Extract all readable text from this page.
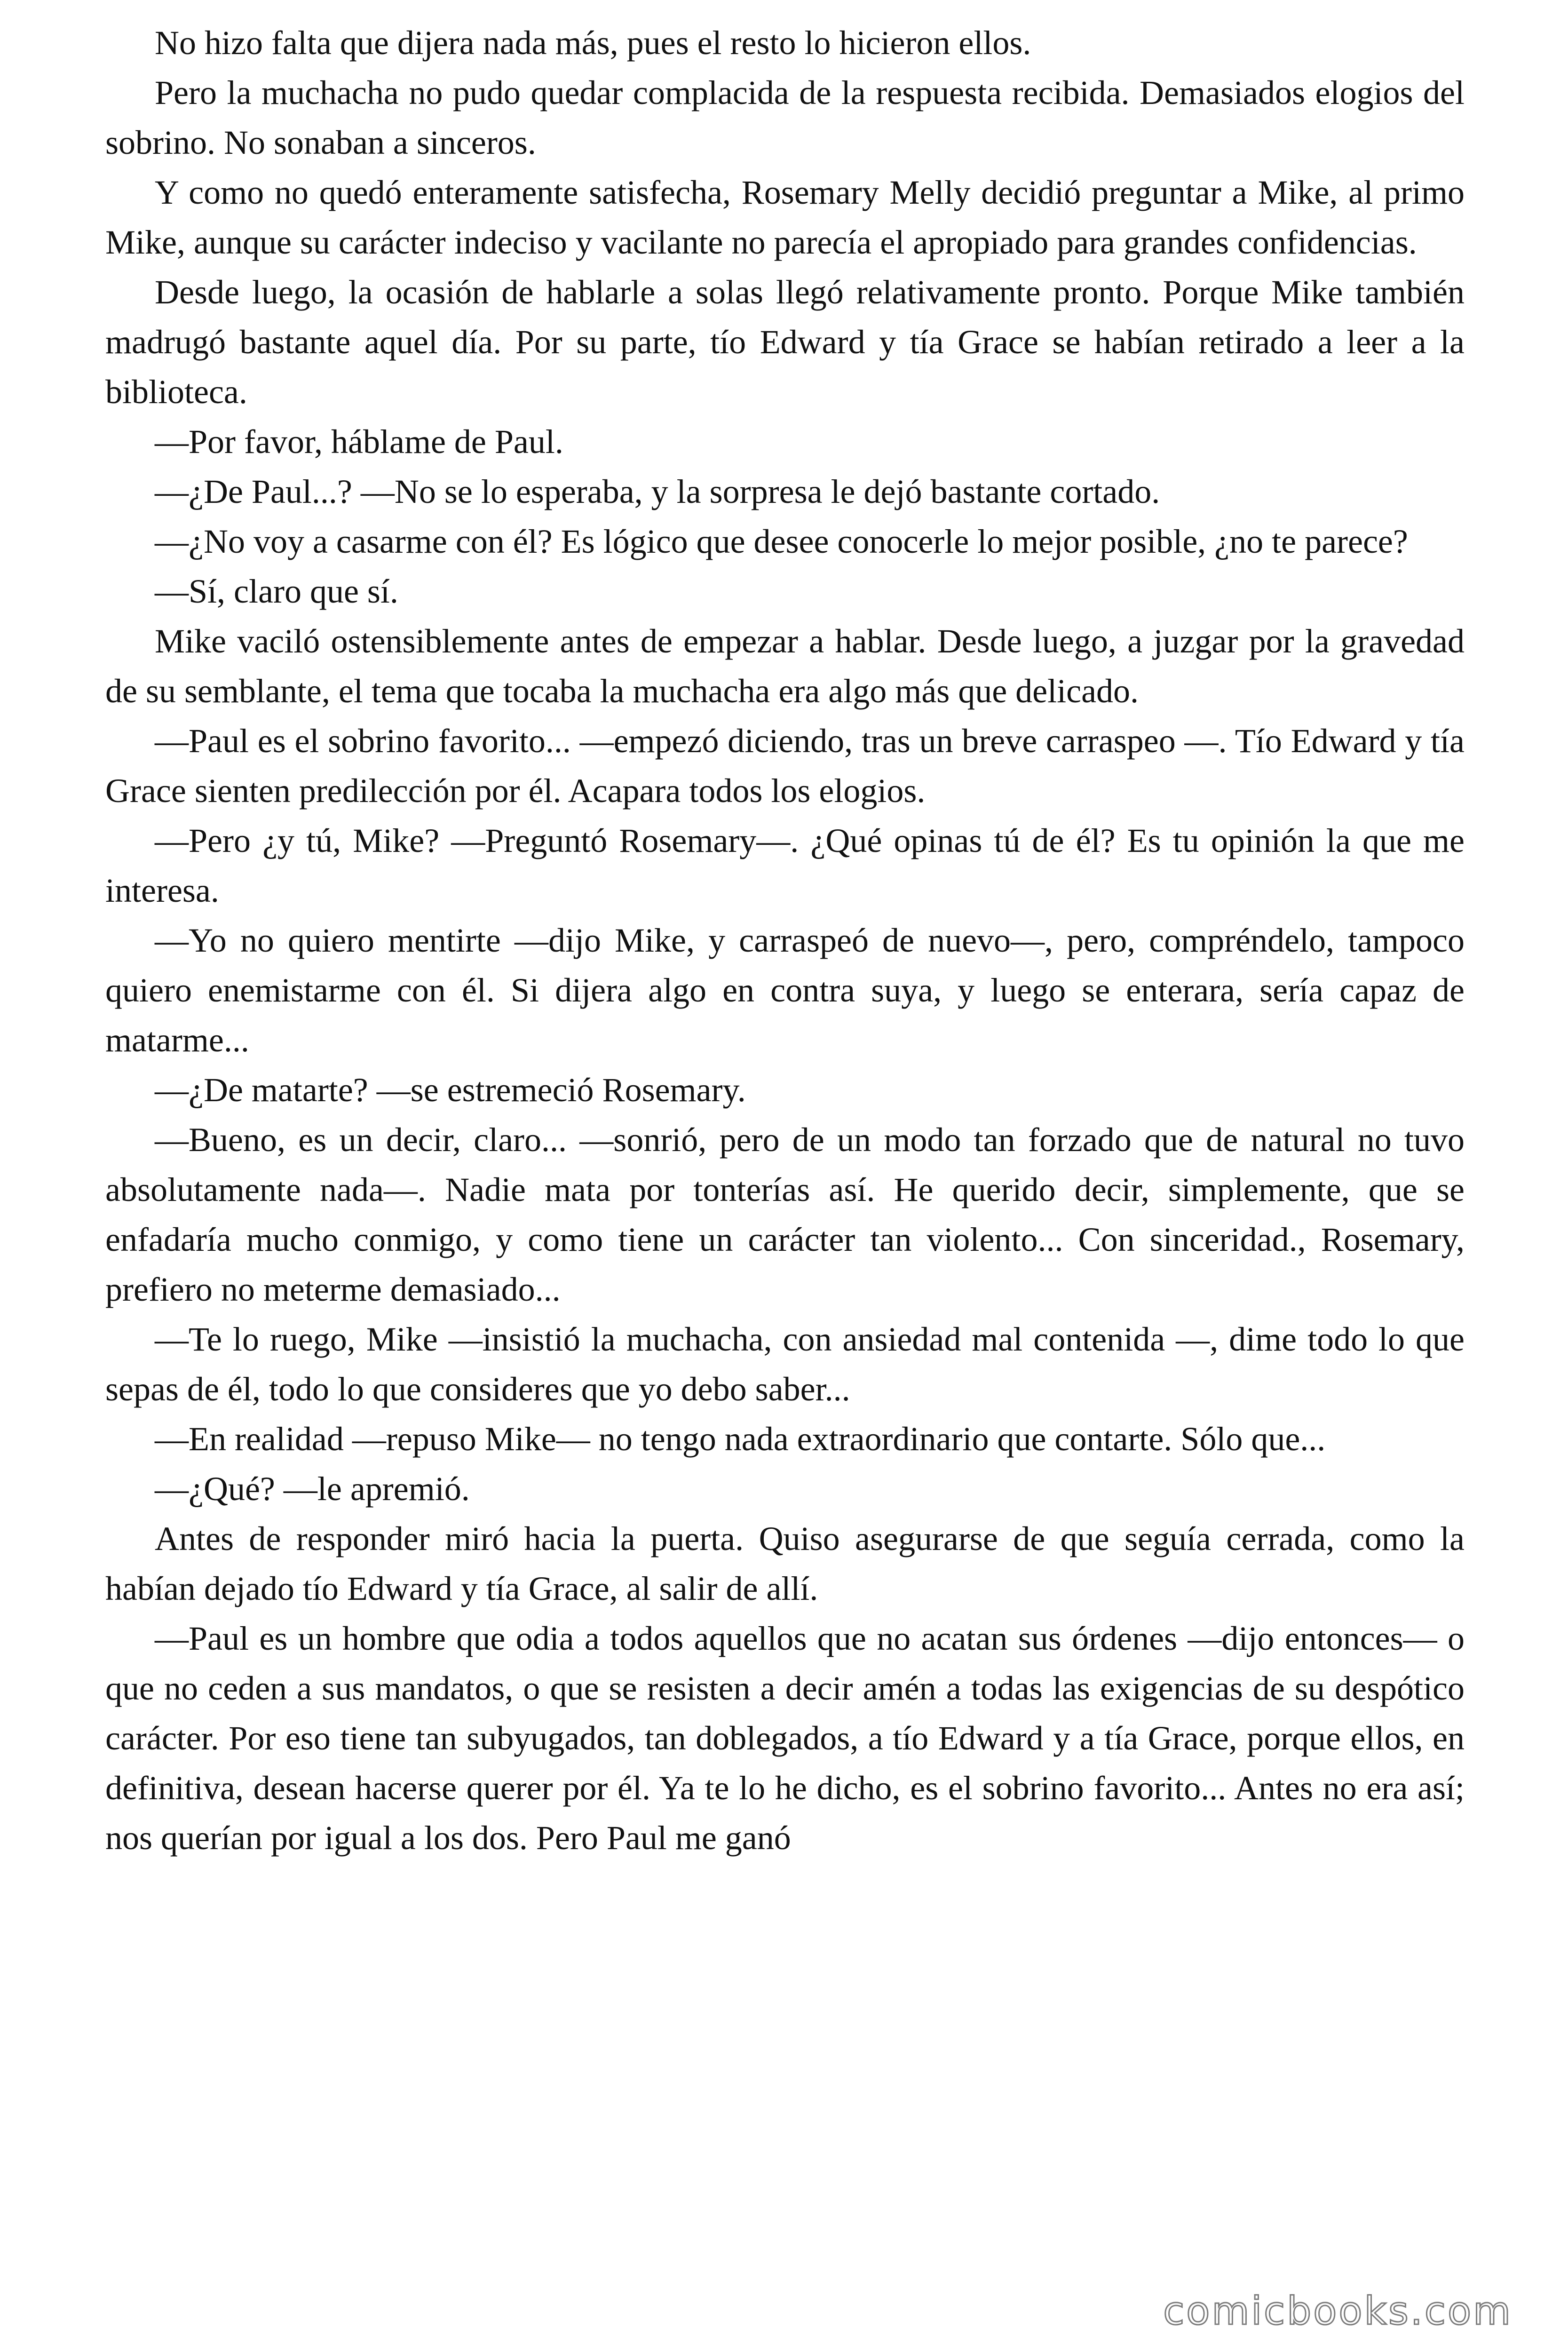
No hizo falta que dijera nada más, pues el resto lo hicieron ellos.

Pero la muchacha no pudo quedar complacida de la respuesta recibida. Demasiados elogios del sobrino. No sonaban a sinceros.

Y como no quedó enteramente satisfecha, Rosemary Melly decidió preguntar a Mike, al primo Mike, aunque su carácter indeciso y vacilante no parecía el apropiado para grandes confidencias.

Desde luego, la ocasión de hablarle a solas llegó relativamente pronto. Porque Mike también madrugó bastante aquel día. Por su parte, tío Edward y tía Grace se habían retirado a leer a la biblioteca.

—Por favor, háblame de Paul.

—¿De Paul...? —No se lo esperaba, y la sorpresa le dejó bastante cortado.

—¿No voy a casarme con él? Es lógico que desee conocerle lo mejor posible, ¿no te parece?

—Sí, claro que sí.

Mike vaciló ostensiblemente antes de empezar a hablar. Desde luego, a juzgar por la gravedad de su semblante, el tema que tocaba la muchacha era algo más que delicado.

—Paul es el sobrino favorito... —empezó diciendo, tras un breve carraspeo —. Tío Edward y tía Grace sienten predilección por él. Acapara todos los elogios.

—Pero ¿y tú, Mike? —Preguntó Rosemary—. ¿Qué opinas tú de él? Es tu opinión la que me interesa.

—Yo no quiero mentirte —dijo Mike, y carraspeó de nuevo—, pero, compréndelo, tampoco quiero enemistarme con él. Si dijera algo en contra suya, y luego se enterara, sería capaz de matarme...

—¿De matarte? —se estremeció Rosemary.

—Bueno, es un decir, claro... —sonrió, pero de un modo tan forzado que de natural no tuvo absolutamente nada—. Nadie mata por tonterías así. He querido decir, simplemente, que se enfadaría mucho conmigo, y como tiene un carácter tan violento... Con sinceridad., Rosemary, prefiero no meterme demasiado...

—Te lo ruego, Mike —insistió la muchacha, con ansiedad mal contenida —, dime todo lo que sepas de él, todo lo que consideres que yo debo saber...

—En realidad —repuso Mike— no tengo nada extraordinario que contarte. Sólo que...

—¿Qué? —le apremió.

Antes de responder miró hacia la puerta. Quiso asegurarse de que seguía cerrada, como la habían dejado tío Edward y tía Grace, al salir de allí.

—Paul es un hombre que odia a todos aquellos que no acatan sus órdenes —dijo entonces— o que no ceden a sus mandatos, o que se resisten a decir amén a todas las exigencias de su despótico carácter. Por eso tiene tan subyugados, tan doblegados, a tío Edward y a tía Grace, porque ellos, en definitiva, desean hacerse querer por él. Ya te lo he dicho, es el sobrino favorito... Antes no era así; nos querían por igual a los dos. Pero Paul me ganó

comicbooks.com
